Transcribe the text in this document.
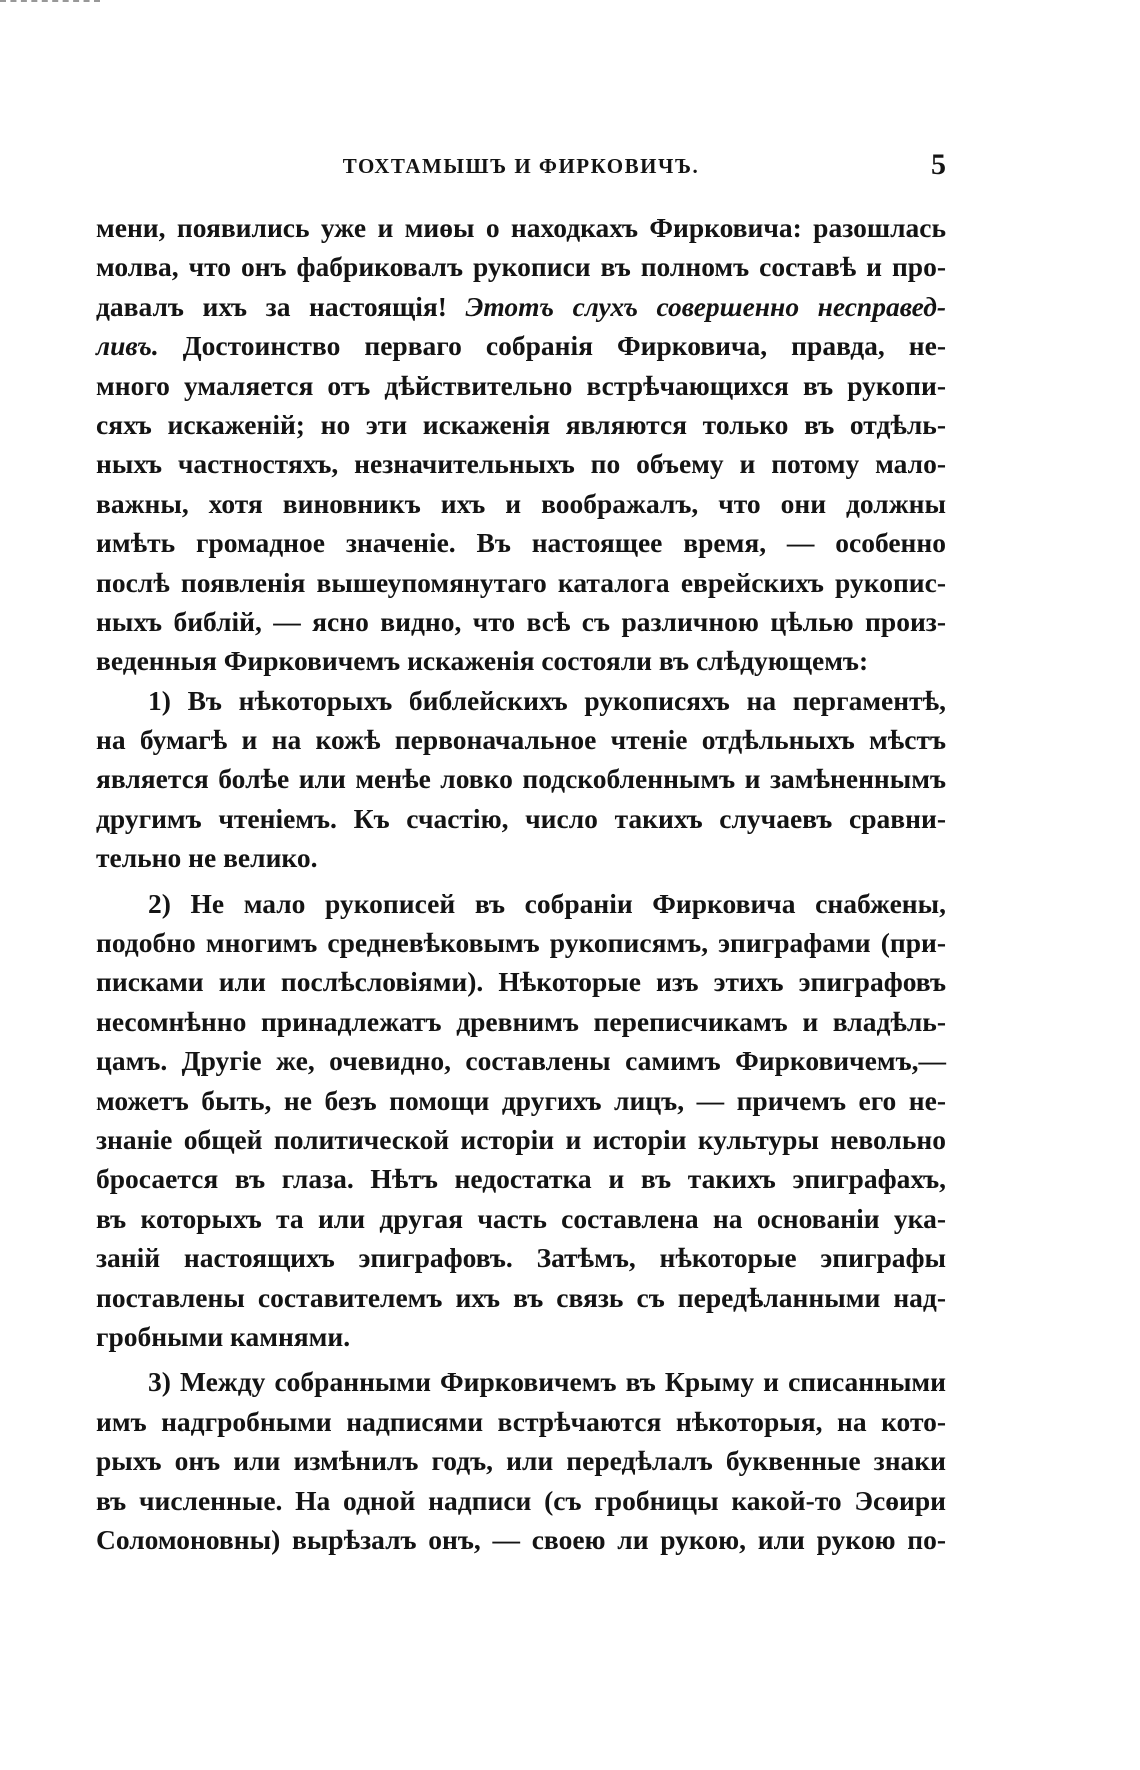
ТОХТАМЫШЪ И ФИРКОВИЧЪ.	5
мени, появились уже и миөы о находкахъ Фирковича: разошлась
молва, что онъ фабриковалъ рукописи въ полномъ составѣ и про-
давалъ ихъ за настоящія! Этотъ слухъ совершенно несправед-
ливъ. Достоинство перваго собранія Фирковича, правда, не-
много умаляется отъ дѣйствительно встрѣчающихся въ рукопи-
сяхъ искаженій; но эти искаженія являются только въ отдѣль-
ныхъ частностяхъ, незначительныхъ по объему и потому мало-
важны, хотя виновникъ ихъ и воображалъ, что они должны
имѣть громадное значеніе. Въ настоящее время, — особенно
послѣ появленія вышеупомянутаго каталога еврейскихъ рукопис-
ныхъ библій, — ясно видно, что всѣ съ различною цѣлью произ-
веденныя Фирковичемъ искаженія состояли въ слѣдующемъ:
1) Въ нѣкоторыхъ библейскихъ рукописяхъ на пергаментѣ,
на бумагѣ и на кожѣ первоначальное чтеніе отдѣльныхъ мѣстъ
является болѣе или менѣе ловко подскобленнымъ и замѣненнымъ
другимъ чтеніемъ. Къ счастію, число такихъ случаевъ сравни-
тельно не велико.
2) Не мало рукописей въ собраніи Фирковича снабжены,
подобно многимъ средневѣковымъ рукописямъ, эпиграфами (при-
писками или послѣсловіями). Нѣкоторые изъ этихъ эпиграфовъ
несомнѣнно принадлежатъ древнимъ переписчикамъ и владѣль-
цамъ. Другіе же, очевидно, составлены самимъ Фирковичемъ,—
можетъ быть, не безъ помощи другихъ лицъ, — причемъ его не-
знаніе общей политической исторіи и исторіи культуры невольно
бросается въ глаза. Нѣтъ недостатка и въ такихъ эпиграфахъ,
въ которыхъ та или другая часть составлена на основаніи ука-
заній настоящихъ эпиграфовъ. Затѣмъ, нѣкоторые эпиграфы
поставлены составителемъ ихъ въ связь съ передѣланными над-
гробными камнями.
3) Между собранными Фирковичемъ въ Крыму и списанными
имъ надгробными надписями встрѣчаются нѣкоторыя, на кото-
рыхъ онъ или измѣнилъ годъ, или передѣлалъ буквенные знаки
въ численные. На одной надписи (съ гробницы какой-то Эсөири
Соломоновны) вырѣзалъ онъ, — своею ли рукою, или рукою по-
